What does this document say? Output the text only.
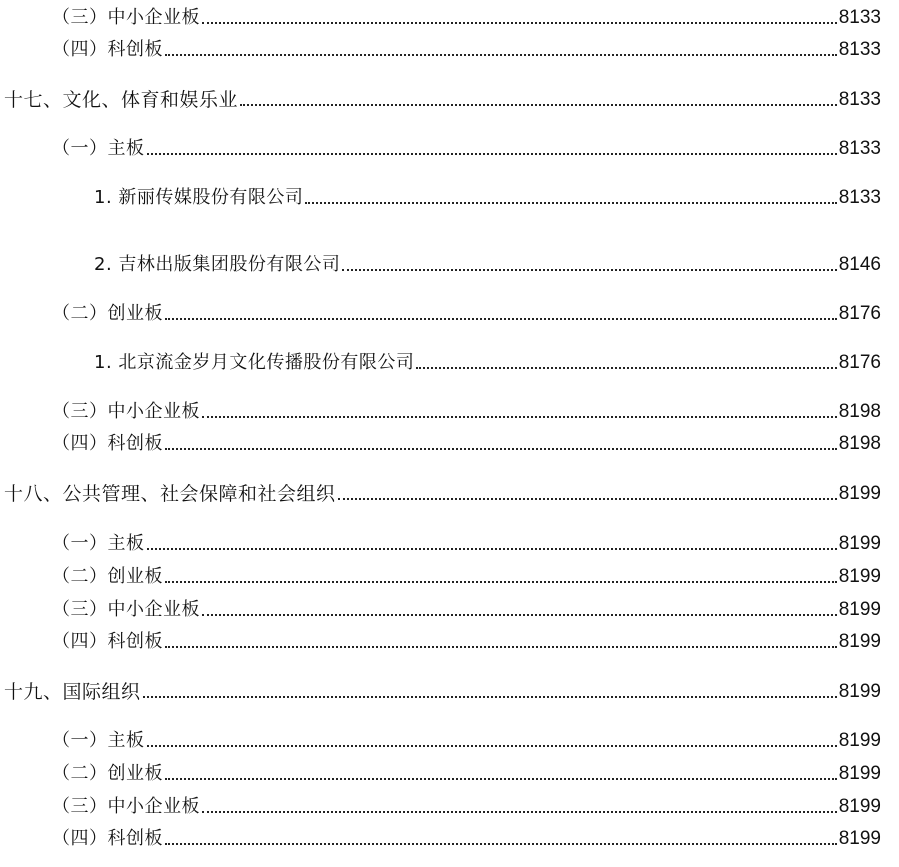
（三）中小企业板	8133
（四）科创板	8133
十七、文化、体育和娱乐业	8133
（一）主板	8133
1. 新丽传媒股份有限公司	8133
2. 吉林出版集团股份有限公司	8146
（二）创业板	8176
1. 北京流金岁月文化传播股份有限公司	8176
（三）中小企业板	8198
（四）科创板	8198
十八、公共管理、社会保障和社会组织	8199
（一）主板	8199
（二）创业板	8199
（三）中小企业板	8199
（四）科创板	8199
十九、国际组织	8199
（一）主板	8199
（二）创业板	8199
（三）中小企业板	8199
（四）科创板	8199
